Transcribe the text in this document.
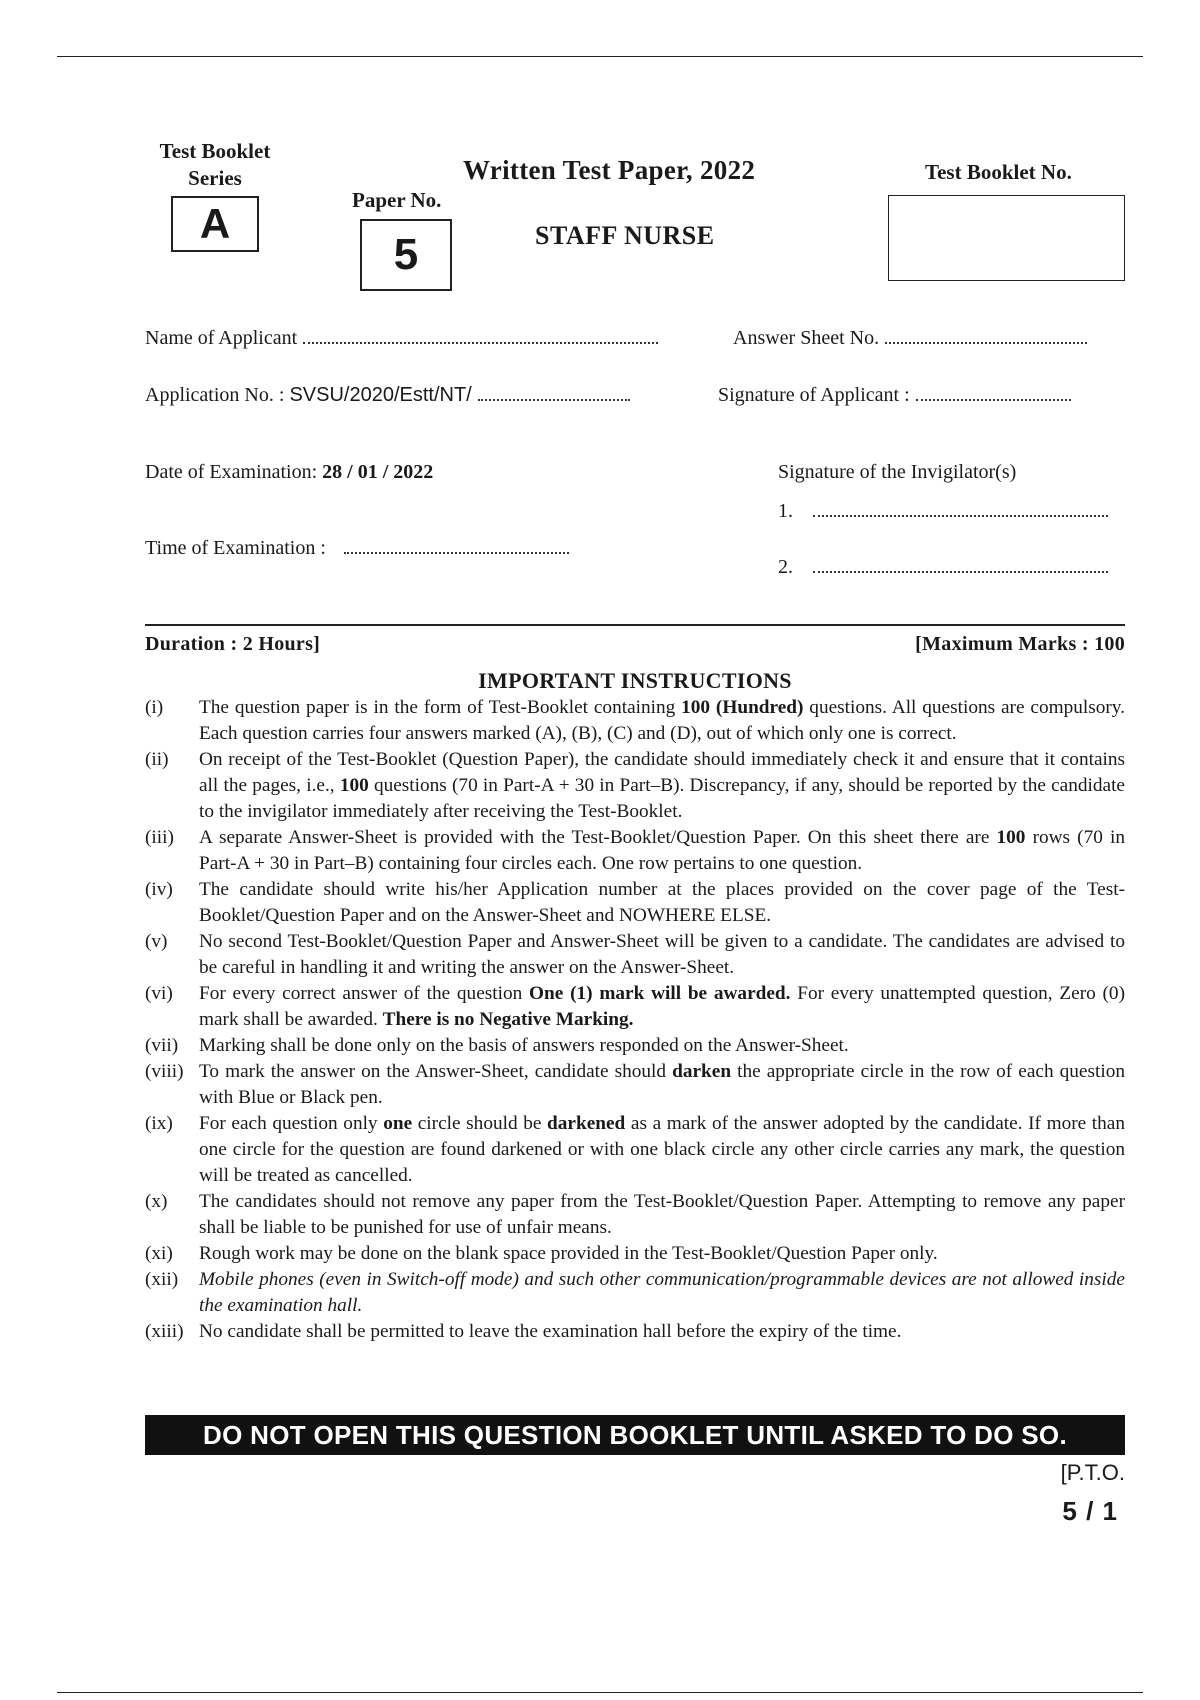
Test Booklet
Series
A	Paper No.
5
Written Test Paper, 2022
STAFF NURSE
Test Booklet No.
Name of Applicant	Answer Sheet No.
Application No. : SVSU/2020/Estt/NT/	Signature of Applicant :
Date of Examination: 28 / 01 / 2022	Signature of the Invigilator(s)
1.
Time of Examination :
2.
Duration : 2 Hours]	[Maximum Marks : 100
IMPORTANT INSTRUCTIONS
(i)	The question paper is in the form of Test-Booklet containing 100 (Hundred) questions. All questions are compulsory. Each question carries four answers marked (A), (B), (C) and (D), out of which only one is correct.
(ii)	On receipt of the Test-Booklet (Question Paper), the candidate should immediately check it and ensure that it contains all the pages, i.e., 100 questions (70 in Part-A + 30 in Part–B). Discrepancy, if any, should be reported by the candidate to the invigilator immediately after receiving the Test-Booklet.
(iii)	A separate Answer-Sheet is provided with the Test-Booklet/Question Paper. On this sheet there are 100 rows (70 in Part-A + 30 in Part–B) containing four circles each. One row pertains to one question.
(iv)	The candidate should write his/her Application number at the places provided on the cover page of the Test-Booklet/Question Paper and on the Answer-Sheet and NOWHERE ELSE.
(v)	No second Test-Booklet/Question Paper and Answer-Sheet will be given to a candidate. The candidates are advised to be careful in handling it and writing the answer on the Answer-Sheet.
(vi)	For every correct answer of the question One (1) mark will be awarded. For every unattempted question, Zero (0) mark shall be awarded. There is no Negative Marking.
(vii)	Marking shall be done only on the basis of answers responded on the Answer-Sheet.
(viii) To mark the answer on the Answer-Sheet, candidate should darken the appropriate circle in the row of each question with Blue or Black pen.
(ix)	For each question only one circle should be darkened as a mark of the answer adopted by the candidate. If more than one circle for the question are found darkened or with one black circle any other circle carries any mark, the question will be treated as cancelled.
(x)	The candidates should not remove any paper from the Test-Booklet/Question Paper. Attempting to remove any paper shall be liable to be punished for use of unfair means.
(xi)	Rough work may be done on the blank space provided in the Test-Booklet/Question Paper only.
(xii)	Mobile phones (even in Switch-off mode) and such other communication/programmable devices are not allowed inside the examination hall.
(xiii) No candidate shall be permitted to leave the examination hall before the expiry of the time.
DO NOT OPEN THIS QUESTION BOOKLET UNTIL ASKED TO DO SO.
[P.T.O.
5 / 1
